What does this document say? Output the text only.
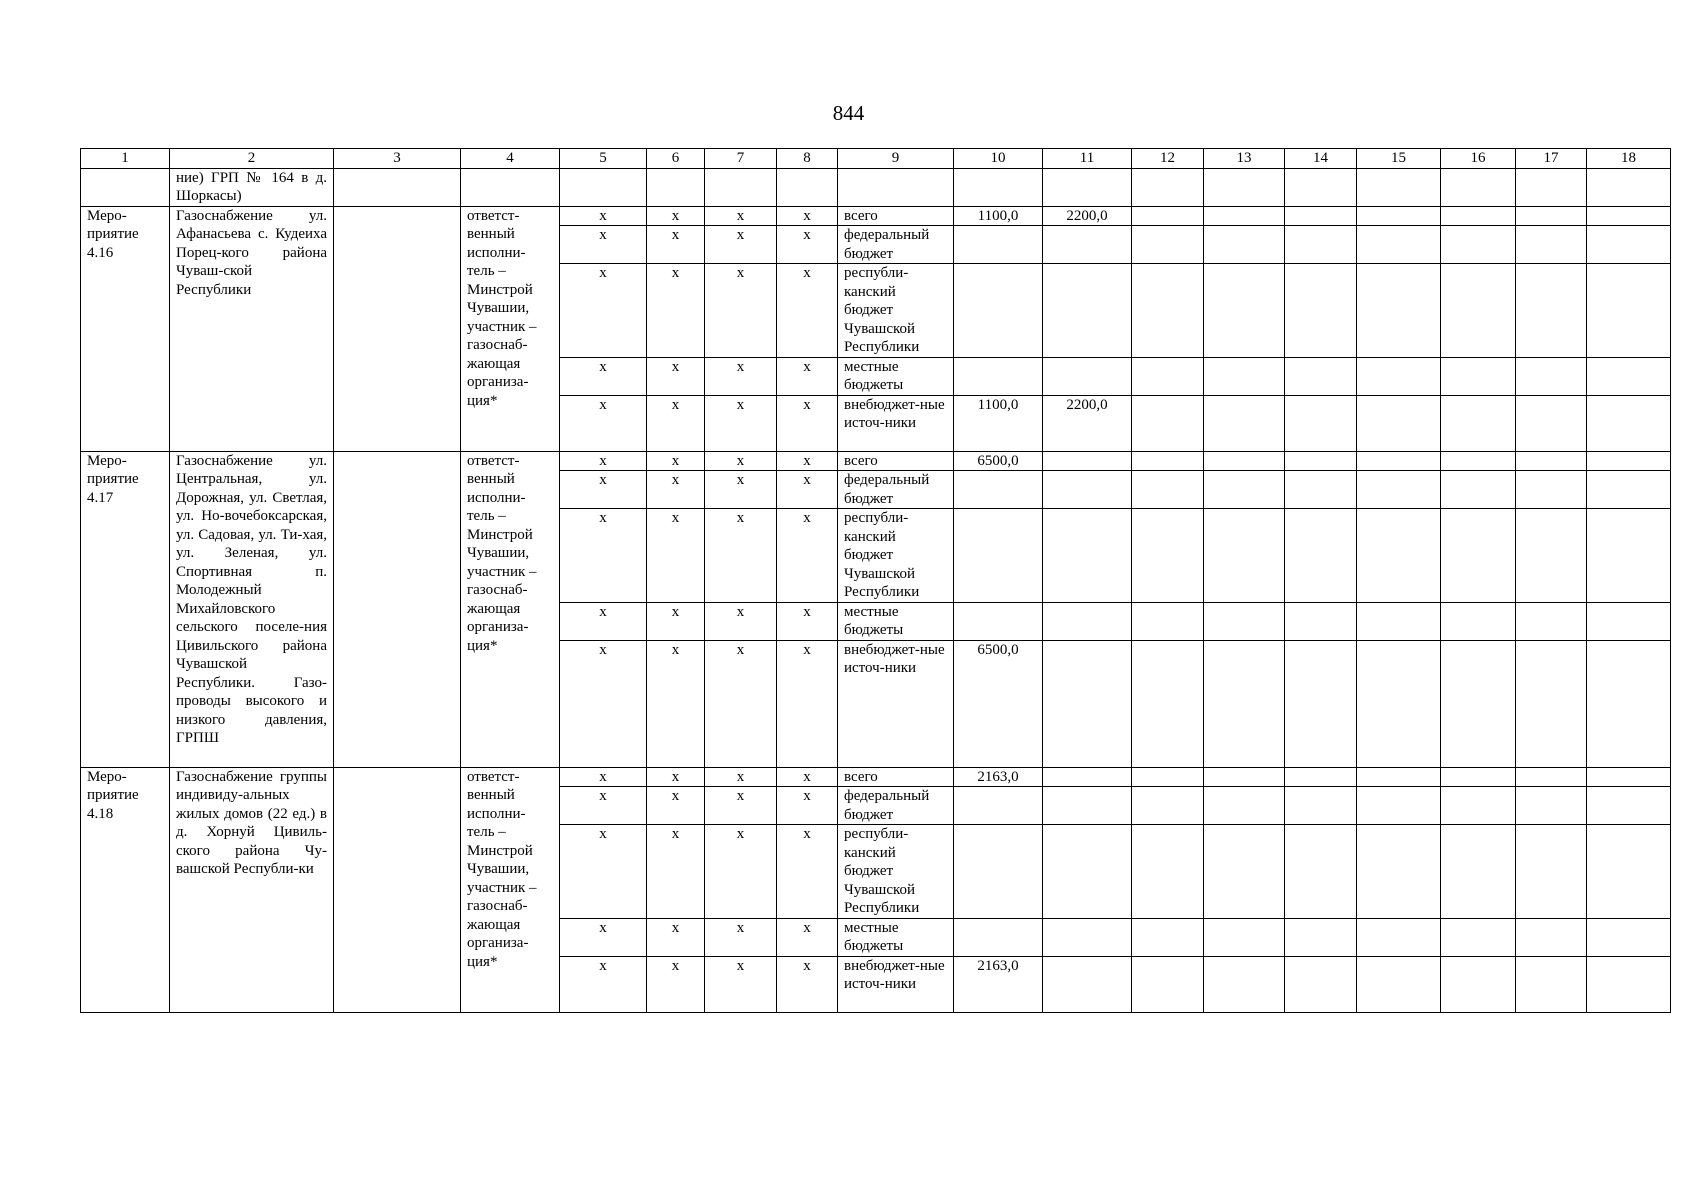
844
1	2	3	4	5	6	7	8	9	10	11	12	13	14	15	16	17	18
	ние) ГРП № 164 в д. Шоркасы)																
Меро- приятие 4.16	Газоснабжение ул. Афанасьева с. Кудеиха Порец-кого района Чуваш-ской Республики		ответст- венный исполни- тель – Минстрой Чувашии, участник – газоснаб- жающая организа- ция*	x	x	x	x	всего	1100,0	2200,0							
				x	x	x	x	федеральный бюджет									
				x	x	x	x	республи- канский бюджет Чувашской Республики									
				x	x	x	x	местные бюджеты									
				x	x	x	x	внебюджет-ные источ-ники	1100,0	2200,0							
Меро- приятие 4.17	Газоснабжение ул. Центральная, ул. Дорожная, ул. Светлая, ул. Но-вочебоксарская, ул. Садовая, ул. Ти-хая, ул. Зеленая, ул. Спортивная п. Молодежный Михайловского сельского поселе-ния Цивильского района Чувашской Республики. Газо-проводы высокого и низкого давления, ГРПШ		ответст- венный исполни- тель – Минстрой Чувашии, участник – газоснаб- жающая организа- ция*	x	x	x	x	всего	6500,0								
				x	x	x	x	федеральный бюджет									
				x	x	x	x	республи- канский бюджет Чувашской Республики									
				x	x	x	x	местные бюджеты									
				x	x	x	x	внебюджет-ные источ-ники	6500,0								
Меро- приятие 4.18	Газоснабжение группы индивиду-альных жилых домов (22 ед.) в д. Хорнуй Цивиль-ского района Чу-вашской Республи-ки		ответст- венный исполни- тель – Минстрой Чувашии, участник – газоснаб- жающая организа- ция*	x	x	x	x	всего	2163,0								
				x	x	x	x	федеральный бюджет									
				x	x	x	x	республи- канский бюджет Чувашской Республики									
				x	x	x	x	местные бюджеты									
				x	x	x	x	внебюджет-ные источ-ники	2163,0								
